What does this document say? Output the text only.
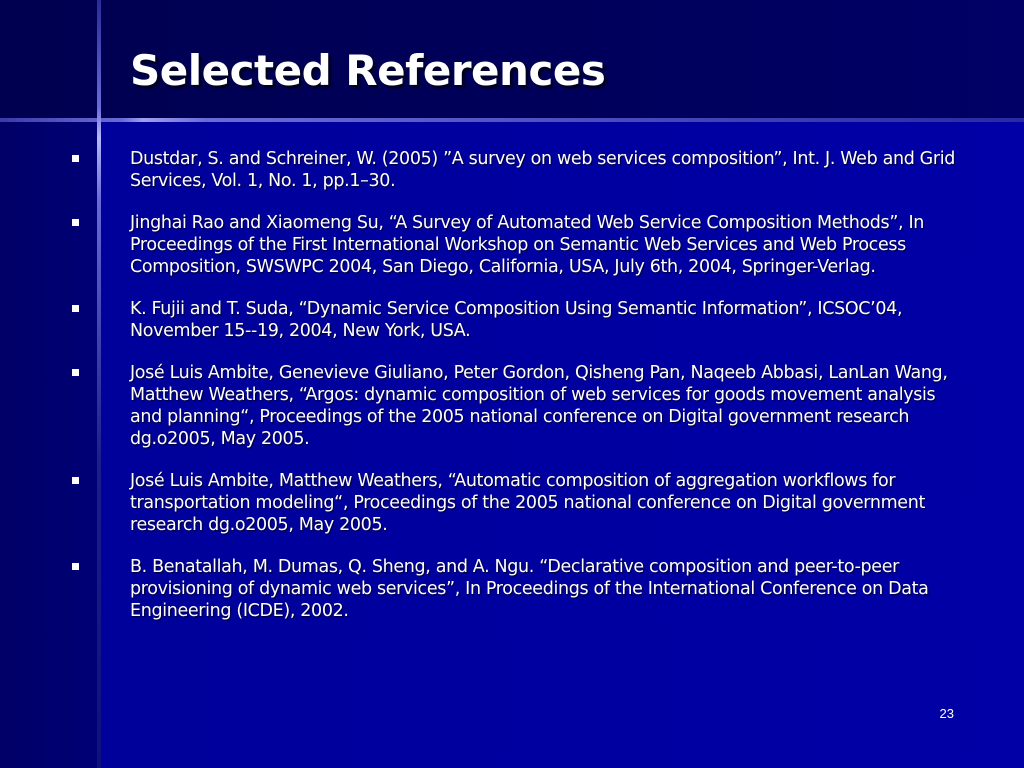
Selected References
Dustdar, S. and Schreiner, W. (2005) ”A survey on web services composition”, Int. J. Web and Grid Services, Vol. 1, No. 1, pp.1–30.
Jinghai Rao and Xiaomeng Su, “A Survey of Automated Web Service Composition Methods”, In Proceedings of the First International Workshop on Semantic Web Services and Web Process Composition, SWSWPC 2004, San Diego, California, USA, July 6th, 2004, Springer-Verlag.
K. Fujii and T. Suda, “Dynamic Service Composition Using Semantic Information”, ICSOC’04, November 15--19, 2004, New York, USA.
José Luis Ambite, Genevieve Giuliano, Peter Gordon, Qisheng Pan, Naqeeb Abbasi, LanLan Wang, Matthew Weathers, “Argos: dynamic composition of web services for goods movement analysis and planning“, Proceedings of the 2005 national conference on Digital government research dg.o2005, May 2005.
José Luis Ambite, Matthew Weathers, “Automatic composition of aggregation workflows for transportation modeling“, Proceedings of the 2005 national conference on Digital government research dg.o2005, May 2005.
B. Benatallah, M. Dumas, Q. Sheng, and A. Ngu. “Declarative composition and peer-to-peer provisioning of dynamic web services”, In Proceedings of the International Conference on Data Engineering (ICDE), 2002.
23
